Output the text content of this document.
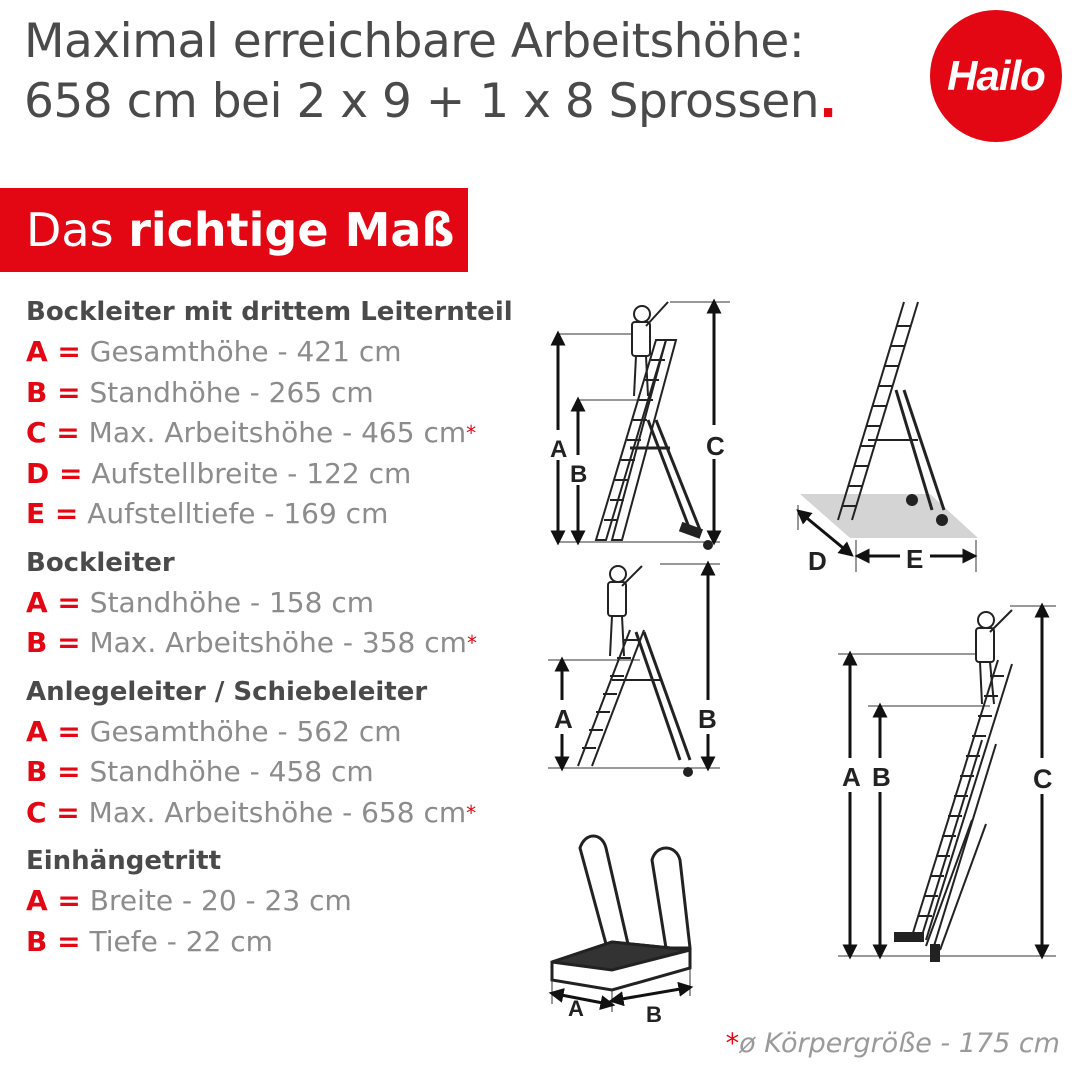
Maximal erreichbare Arbeitshöhe:
658 cm bei 2 x 9 + 1 x 8 Sprossen.	Hailo
Das richtige Maß
Bockleiter mit drittem Leiternteil
A = Gesamthöhe - 421 cm
B = Standhöhe - 265 cm
C = Max. Arbeitshöhe - 465 cm*
D = Aufstellbreite - 122 cm
E = Aufstelltiefe - 169 cm
Bockleiter
A = Standhöhe - 158 cm
B = Max. Arbeitshöhe - 358 cm*
Anlegeleiter / Schiebeleiter
A = Gesamthöhe - 562 cm
B = Standhöhe - 458 cm
C = Max. Arbeitshöhe - 658 cm*
Einhängetritt
A = Breite - 20 - 23 cm
B = Tiefe - 22 cm
A
B
C
D	E
A	B
A B	C
A	B
*ø Körpergröße - 175 cm
